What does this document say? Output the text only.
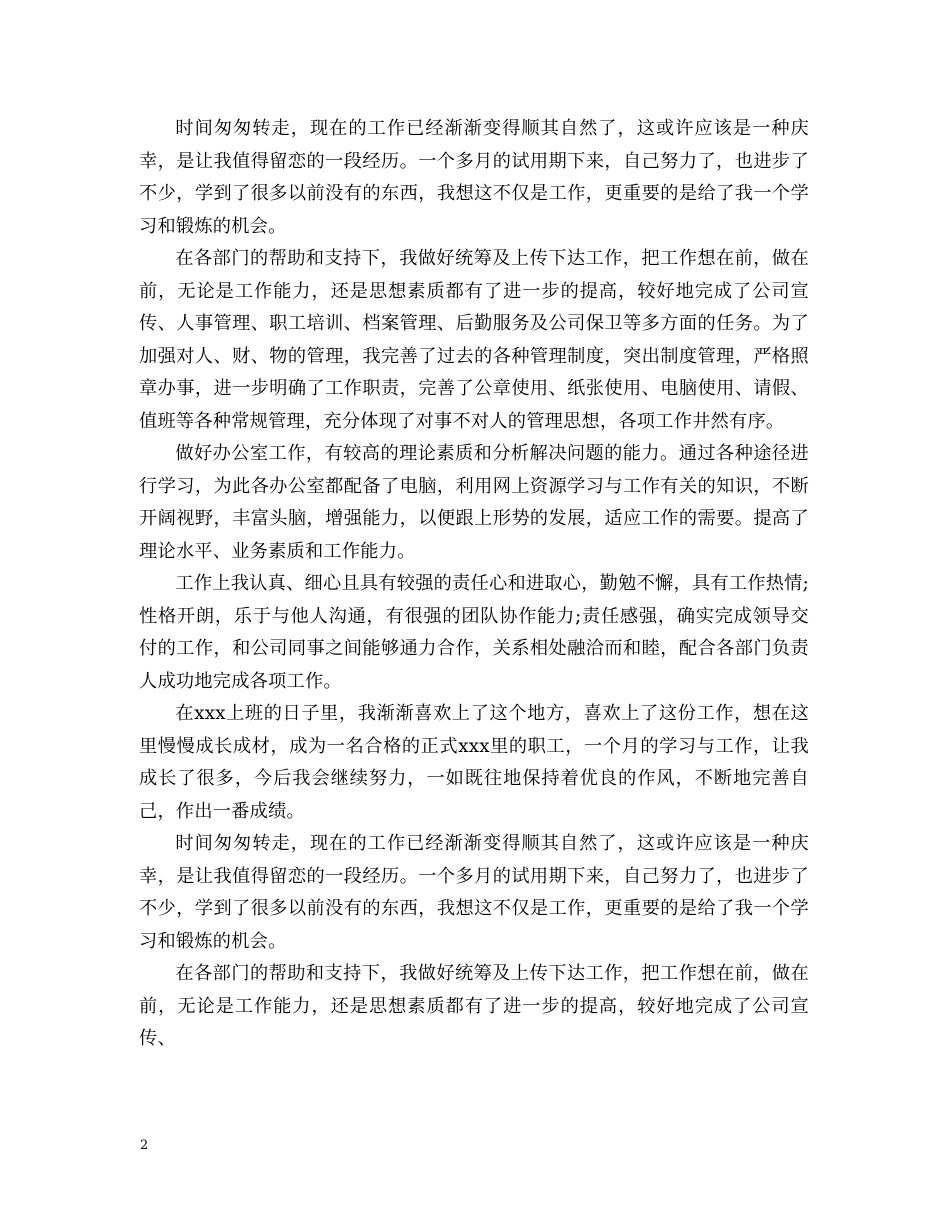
时间匆匆转走，现在的工作已经渐渐变得顺其自然了，这或许应该是一种庆幸，是让我值得留恋的一段经历。一个多月的试用期下来，自己努力了，也进步了不少，学到了很多以前没有的东西，我想这不仅是工作，更重要的是给了我一个学习和锻炼的机会。

在各部门的帮助和支持下，我做好统筹及上传下达工作，把工作想在前，做在前，无论是工作能力，还是思想素质都有了进一步的提高，较好地完成了公司宣传、人事管理、职工培训、档案管理、后勤服务及公司保卫等多方面的任务。为了加强对人、财、物的管理，我完善了过去的各种管理制度，突出制度管理，严格照章办事，进一步明确了工作职责，完善了公章使用、纸张使用、电脑使用、请假、值班等各种常规管理，充分体现了对事不对人的管理思想，各项工作井然有序。

做好办公室工作，有较高的理论素质和分析解决问题的能力。通过各种途径进行学习，为此各办公室都配备了电脑，利用网上资源学习与工作有关的知识，不断开阔视野，丰富头脑，增强能力，以便跟上形势的发展，适应工作的需要。提高了理论水平、业务素质和工作能力。

工作上我认真、细心且具有较强的责任心和进取心，勤勉不懈，具有工作热情;性格开朗，乐于与他人沟通，有很强的团队协作能力;责任感强，确实完成领导交付的工作，和公司同事之间能够通力合作，关系相处融洽而和睦，配合各部门负责人成功地完成各项工作。

在xxx上班的日子里，我渐渐喜欢上了这个地方，喜欢上了这份工作，想在这里慢慢成长成材，成为一名合格的正式xxx里的职工，一个月的学习与工作，让我成长了很多，今后我会继续努力，一如既往地保持着优良的作风，不断地完善自己，作出一番成绩。

时间匆匆转走，现在的工作已经渐渐变得顺其自然了，这或许应该是一种庆幸，是让我值得留恋的一段经历。一个多月的试用期下来，自己努力了，也进步了不少，学到了很多以前没有的东西，我想这不仅是工作，更重要的是给了我一个学习和锻炼的机会。

在各部门的帮助和支持下，我做好统筹及上传下达工作，把工作想在前，做在前，无论是工作能力，还是思想素质都有了进一步的提高，较好地完成了公司宣传、

2
